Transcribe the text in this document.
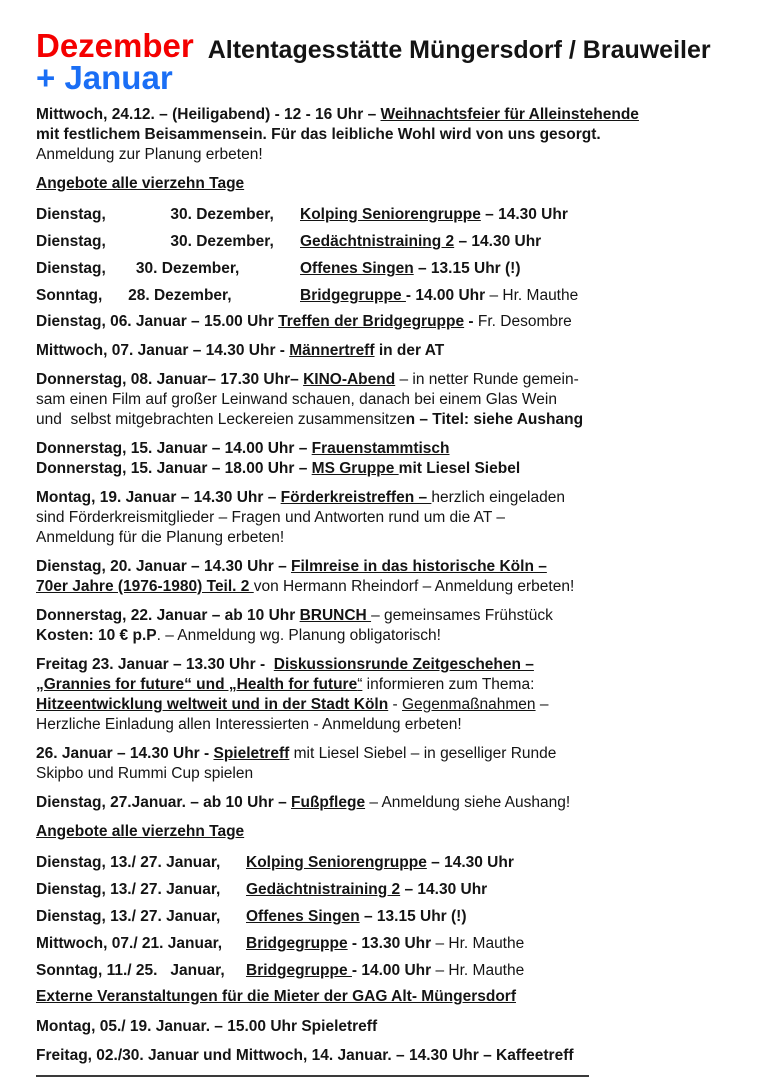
Dezember
+ Januar
Altentagesstätte Müngersdorf / Brauweiler
Mittwoch, 24.12. – (Heiligabend) - 12 - 16 Uhr – Weihnachtsfeier für Alleinstehende
mit festlichem Beisammensein. Für das leibliche Wohl wird von uns gesorgt.
Anmeldung zur Planung erbeten!
Angebote alle vierzehn Tage
Dienstag,               30. Dezember,	Kolping Seniorengruppe – 14.30 Uhr
Dienstag,               30. Dezember,	Gedächtnistraining 2 – 14.30 Uhr
Dienstag,       30. Dezember,	Offenes Singen – 13.15 Uhr (!)
Sonntag,      28. Dezember,	Bridgegruppe - 14.00 Uhr – Hr. Mauthe
Dienstag, 06. Januar – 15.00 Uhr Treffen der Bridgegruppe - Fr. Desombre
Mittwoch, 07. Januar – 14.30 Uhr - Männertreff in der AT
Donnerstag, 08. Januar– 17.30 Uhr– KINO-Abend – in netter Runde gemein-
sam einen Film auf großer Leinwand schauen, danach bei einem Glas Wein
und  selbst mitgebrachten Leckereien zusammensitzen – Titel: siehe Aushang
Donnerstag, 15. Januar – 14.00 Uhr – Frauenstammtisch
Donnerstag, 15. Januar – 18.00 Uhr – MS Gruppe mit Liesel Siebel
Montag, 19. Januar – 14.30 Uhr – Förderkreistreffen – herzlich eingeladen
sind Förderkreismitglieder – Fragen und Antworten rund um die AT –
Anmeldung für die Planung erbeten!
Dienstag, 20. Januar – 14.30 Uhr – Filmreise in das historische Köln –
70er Jahre (1976-1980) Teil. 2 von Hermann Rheindorf – Anmeldung erbeten!
Donnerstag, 22. Januar – ab 10 Uhr BRUNCH – gemeinsames Frühstück
Kosten: 10 € p.P. – Anmeldung wg. Planung obligatorisch!
Freitag 23. Januar – 13.30 Uhr -  Diskussionsrunde Zeitgeschehen –
„Grannies for future“ und „Health for future“ informieren zum Thema:
Hitzeentwicklung weltweit und in der Stadt Köln - Gegenmaßnahmen –
Herzliche Einladung allen Interessierten - Anmeldung erbeten!
26. Januar – 14.30 Uhr - Spieletreff mit Liesel Siebel – in geselliger Runde
Skipbo und Rummi Cup spielen
Dienstag, 27.Januar. – ab 10 Uhr – Fußpflege – Anmeldung siehe Aushang!
Angebote alle vierzehn Tage
Dienstag, 13./ 27. Januar,	Kolping Seniorengruppe – 14.30 Uhr
Dienstag, 13./ 27. Januar,	Gedächtnistraining 2 – 14.30 Uhr
Dienstag, 13./ 27. Januar,	Offenes Singen – 13.15 Uhr (!)
Mittwoch, 07./ 21. Januar,	Bridgegruppe - 13.30 Uhr – Hr. Mauthe
Sonntag, 11./ 25.   Januar,	Bridgegruppe - 14.00 Uhr – Hr. Mauthe
Externe Veranstaltungen für die Mieter der GAG Alt- Müngersdorf
Montag, 05./ 19. Januar. – 15.00 Uhr Spieletreff
Freitag, 02./30. Januar und Mittwoch, 14. Januar. – 14.30 Uhr – Kaffeetreff
